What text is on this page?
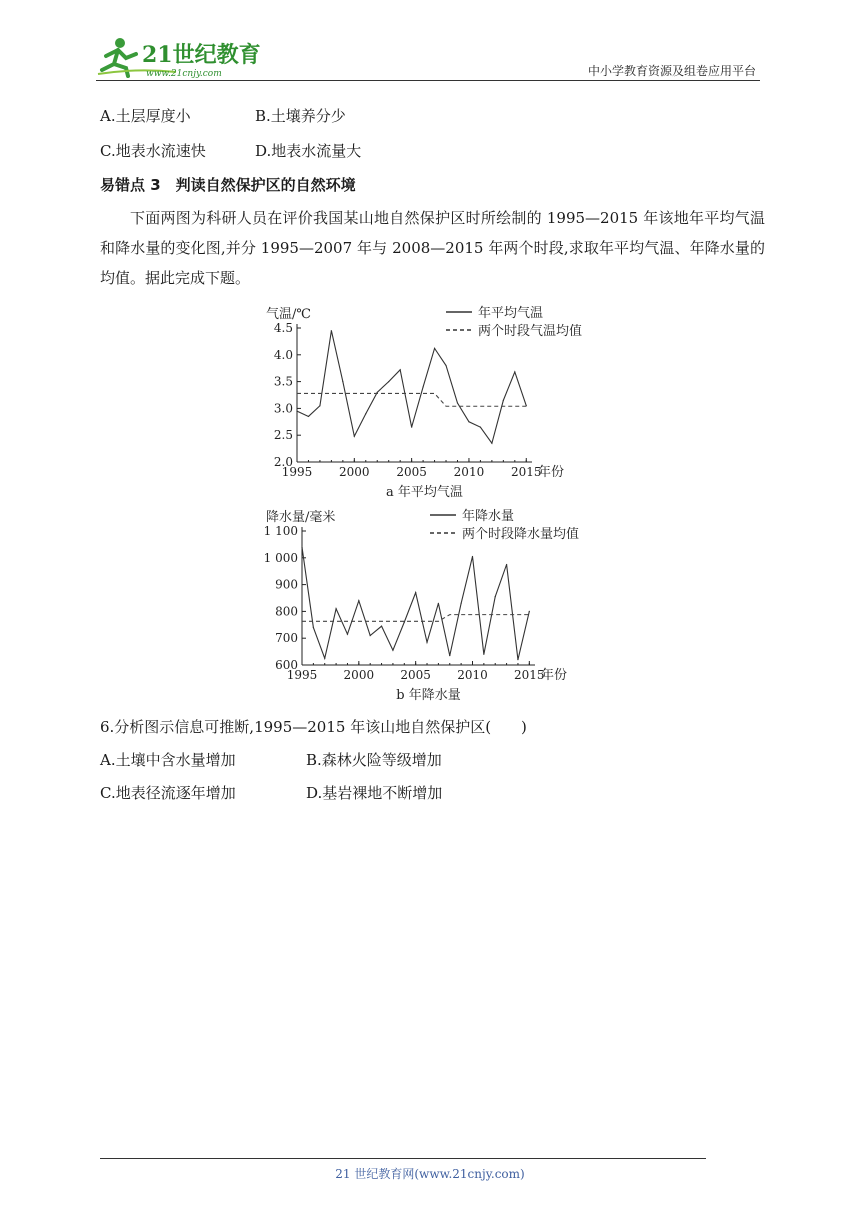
21世纪教育
www.21cnjy.com	中小学教育资源及组卷应用平台
A.土层厚度小	B.土壤养分少
C.地表水流速快	D.地表水流量大
易错点 3　判读自然保护区的自然环境
下面两图为科研人员在评价我国某山地自然保护区时所绘制的 1995—2015 年该地年平均气温和降水量的变化图,并分 1995—2007 年与 2008—2015 年两个时段,求取年平均气温、年降水量的均值。据此完成下题。
2.0
2.5
3.0
3.5
4.0
4.5
1995 2000 2005 2010 2015
年份
气温/℃	年平均气温
两个时段气温均值
a 年平均气温
600
700
800
900
1 000
1 100
1995 2000 2005 2010 2015
年份
降水量/毫米	年降水量
两个时段降水量均值
b 年降水量
6.分析图示信息可推断,1995—2015 年该山地自然保护区(　　)
A.土壤中含水量增加	B.森林火险等级增加
C.地表径流逐年增加	D.基岩裸地不断增加
21 世纪教育网(www.21cnjy.com)
